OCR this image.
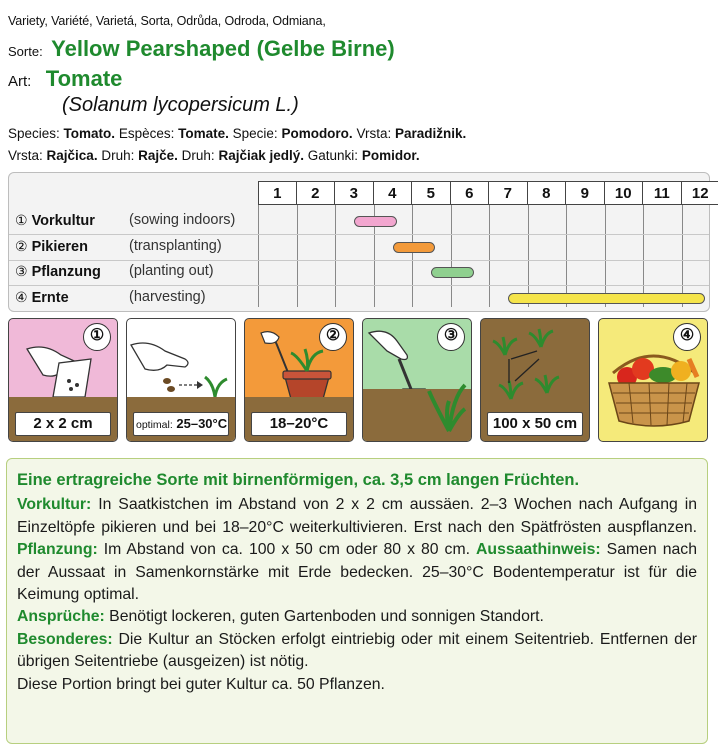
Variety, Variété, Varietá, Sorta, Odrůda, Odroda, Odmiana,
Sorte: Yellow Pearshaped (Gelbe Birne)
Art: Tomate
(Solanum lycopersicum L.)
Species: Tomato. Espèces: Tomate. Specie: Pomodoro. Vrsta: Paradižnik.
Vrsta: Rajčica. Druh: Rajče. Druh: Rajčiak jedlý. Gatunki: Pomidor.
1	2	3	4	5	6	7	8	9	10	11	12
① Vorkultur (sowing indoors)
② Pikieren	(transplanting)
③ Pflanzung (planting out)
④ Ernte	(harvesting)
①
2 x 2 cm	optimal: 25–30°C
②
18–20°C
③
100 x 50 cm
④
Eine ertragreiche Sorte mit birnenförmigen, ca. 3,5 cm langen Früchten.

Vorkultur: In Saatkistchen im Abstand von 2 x 2 cm aussäen. 2–3 Wochen nach Aufgang in Einzeltöpfe pikieren und bei 18–20°C weiterkultivieren. Erst nach den Spätfrösten auspflanzen. Pflanzung: Im Abstand von ca. 100 x 50 cm oder 80 x 80 cm. Aussaathinweis: Samen nach der Aussaat in Samenkornstärke mit Erde bedecken. 25–30°C Bodentemperatur ist für die Keimung optimal.

Ansprüche: Benötigt lockeren, guten Gartenboden und sonnigen Standort.

Besonderes: Die Kultur an Stöcken erfolgt eintriebig oder mit einem Seitentrieb. Entfernen der übrigen Seitentriebe (ausgeizen) ist nötig.

Diese Portion bringt bei guter Kultur ca. 50 Pflanzen.
